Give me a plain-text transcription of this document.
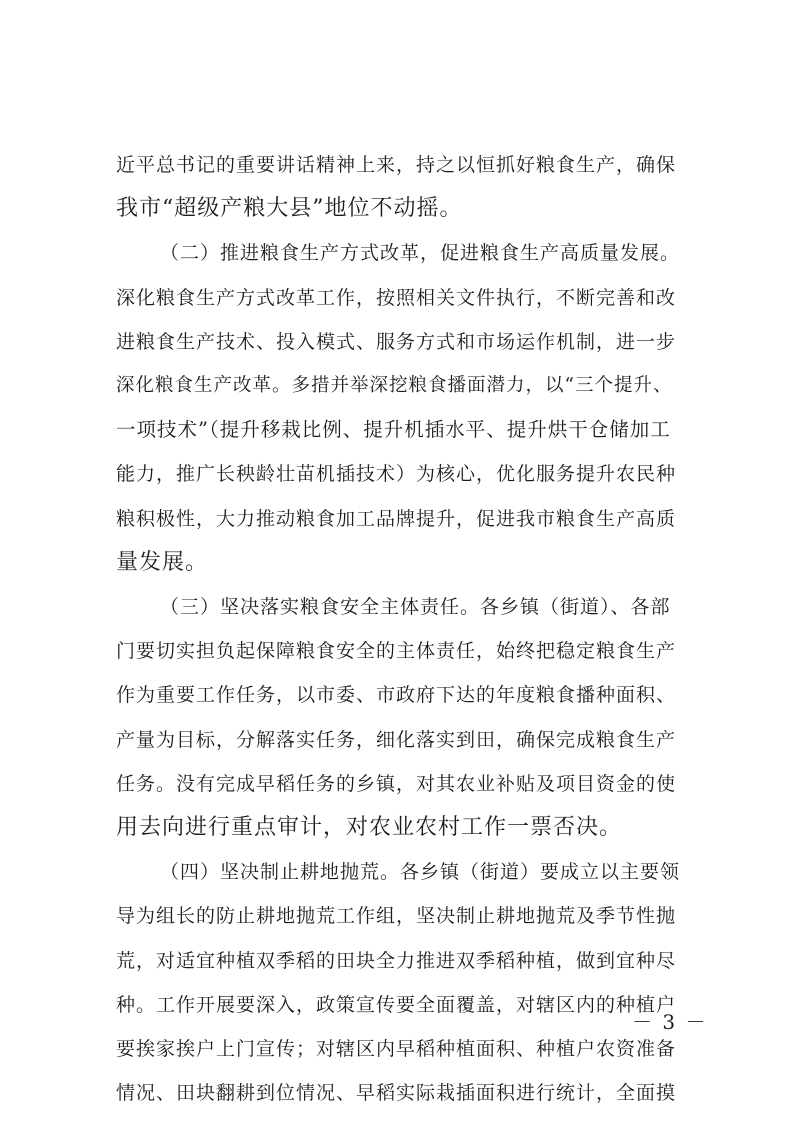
近平总书记的重要讲话精神上来，持之以恒抓好粮食生产，确保
我市“超级产粮大县”地位不动摇。
（二）推进粮食生产方式改革，促进粮食生产高质量发展。
深化粮食生产方式改革工作，按照相关文件执行，不断完善和改
进粮食生产技术、投入模式、服务方式和市场运作机制，进一步
深化粮食生产改革。多措并举深挖粮食播面潜力，以“三个提升、
一项技术”（提升移栽比例、提升机插水平、提升烘干仓储加工
能力，推广长秧龄壮苗机插技术）为核心，优化服务提升农民种
粮积极性，大力推动粮食加工品牌提升，促进我市粮食生产高质
量发展。
（三）坚决落实粮食安全主体责任。各乡镇（街道）、各部
门要切实担负起保障粮食安全的主体责任，始终把稳定粮食生产
作为重要工作任务，以市委、市政府下达的年度粮食播种面积、
产量为目标，分解落实任务，细化落实到田，确保完成粮食生产
任务。没有完成早稻任务的乡镇，对其农业补贴及项目资金的使
用去向进行重点审计，对农业农村工作一票否决。
（四）坚决制止耕地抛荒。各乡镇（街道）要成立以主要领
导为组长的防止耕地抛荒工作组，坚决制止耕地抛荒及季节性抛
荒，对适宜种植双季稻的田块全力推进双季稻种植，做到宜种尽
种。工作开展要深入，政策宣传要全面覆盖，对辖区内的种植户
要挨家挨户上门宣传；对辖区内早稻种植面积、种植户农资准备
情况、田块翻耕到位情况、早稻实际栽插面积进行统计，全面摸
－ 3 －
